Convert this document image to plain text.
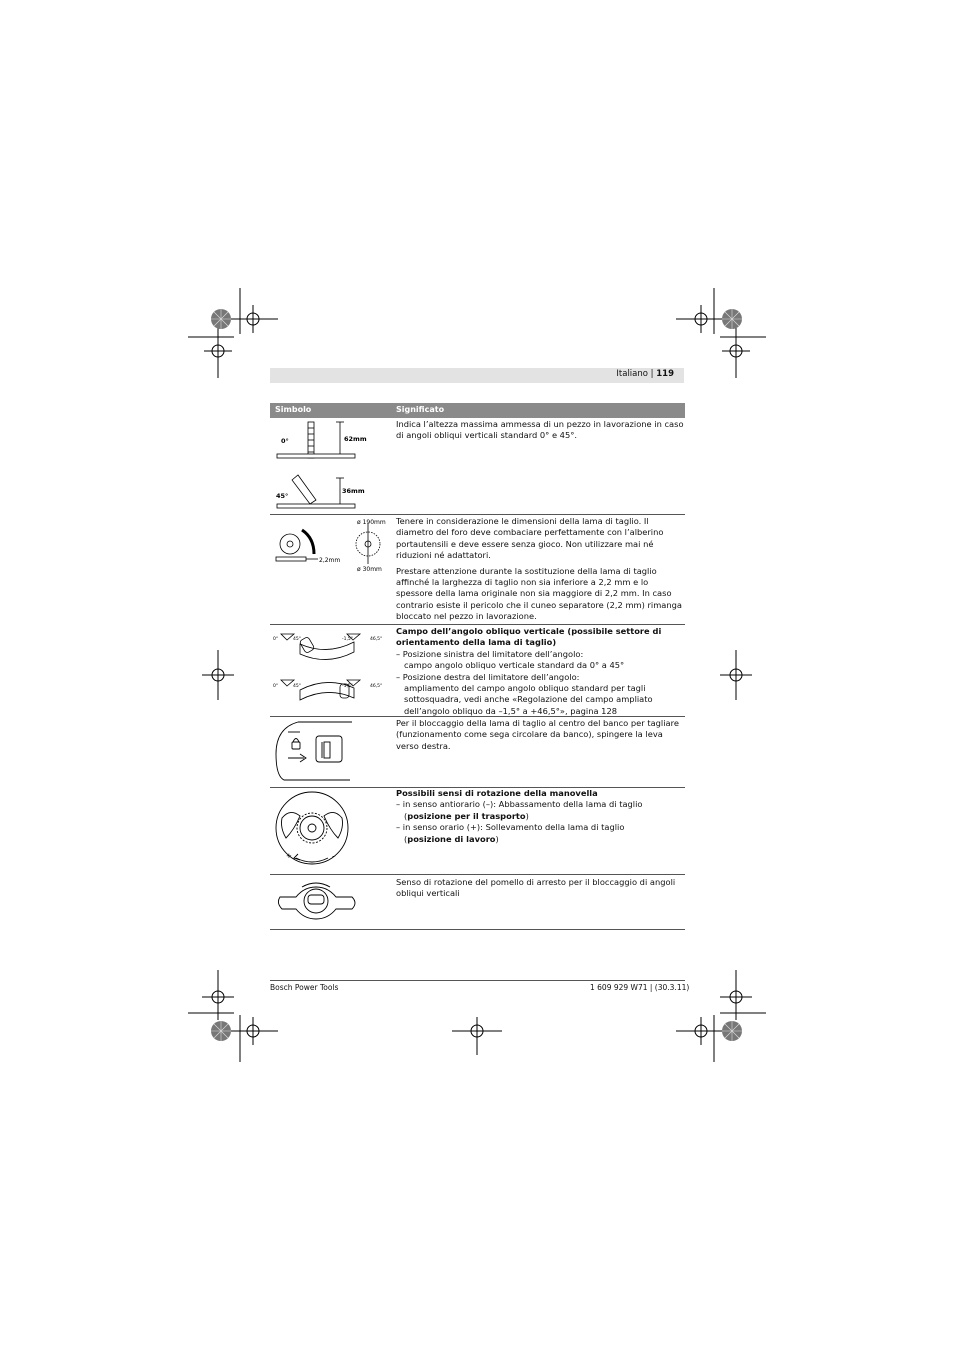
Italiano | 119
Simbolo	Significato
0°	62mm
45°
36mm

Indica l’altezza massima ammessa di un pezzo in lavorazione in caso di angoli obliqui verticali standard 0° e 45°.

ø 190mm
2,2mm
ø 30mm

Tenere in considerazione le dimensioni della lama di taglio. Il diametro del foro deve combaciare perfettamente con l’alberino portautensili e deve essere senza gioco. Non utilizzare mai né riduzioni né adattatori.

Prestare attenzione durante la sostituzione della lama di taglio affinché la larghezza di taglio non sia inferiore a 2,2 mm e lo spessore della lama originale non sia maggiore di 2,2 mm. In caso contrario esiste il pericolo che il cuneo separatore (2,2 mm) rimanga bloccato nel pezzo in lavorazione.

0°	45°	-1,5°	46,5°
0°	45°	-1,5°	46,5°

Campo dell’angolo obliquo verticale (possibile settore di orientamento della lama di taglio)

– Posizione sinistra del limitatore dell’angolo:
campo angolo obliquo verticale standard da 0° a 45°
– Posizione destra del limitatore dell’angolo:
ampliamento del campo angolo obliquo standard per tagli sottosquadra, vedi anche «Regolazione del campo ampliato dell’angolo obliquo da –1,5° a +46,5°», pagina 128

Per il bloccaggio della lama di taglio al centro del banco per tagliare (funzionamento come sega circolare da banco), spingere la leva verso destra.

+	–

Possibili sensi di rotazione della manovella

– in senso antiorario (–): Abbassamento della lama di taglio
(posizione per il trasporto)
– in senso orario (+): Sollevamento della lama di taglio
(posizione di lavoro)

Senso di rotazione del pomello di arresto per il bloccaggio di angoli obliqui verticali

Bosch Power Tools	1 609 929 W71 | (30.3.11)
